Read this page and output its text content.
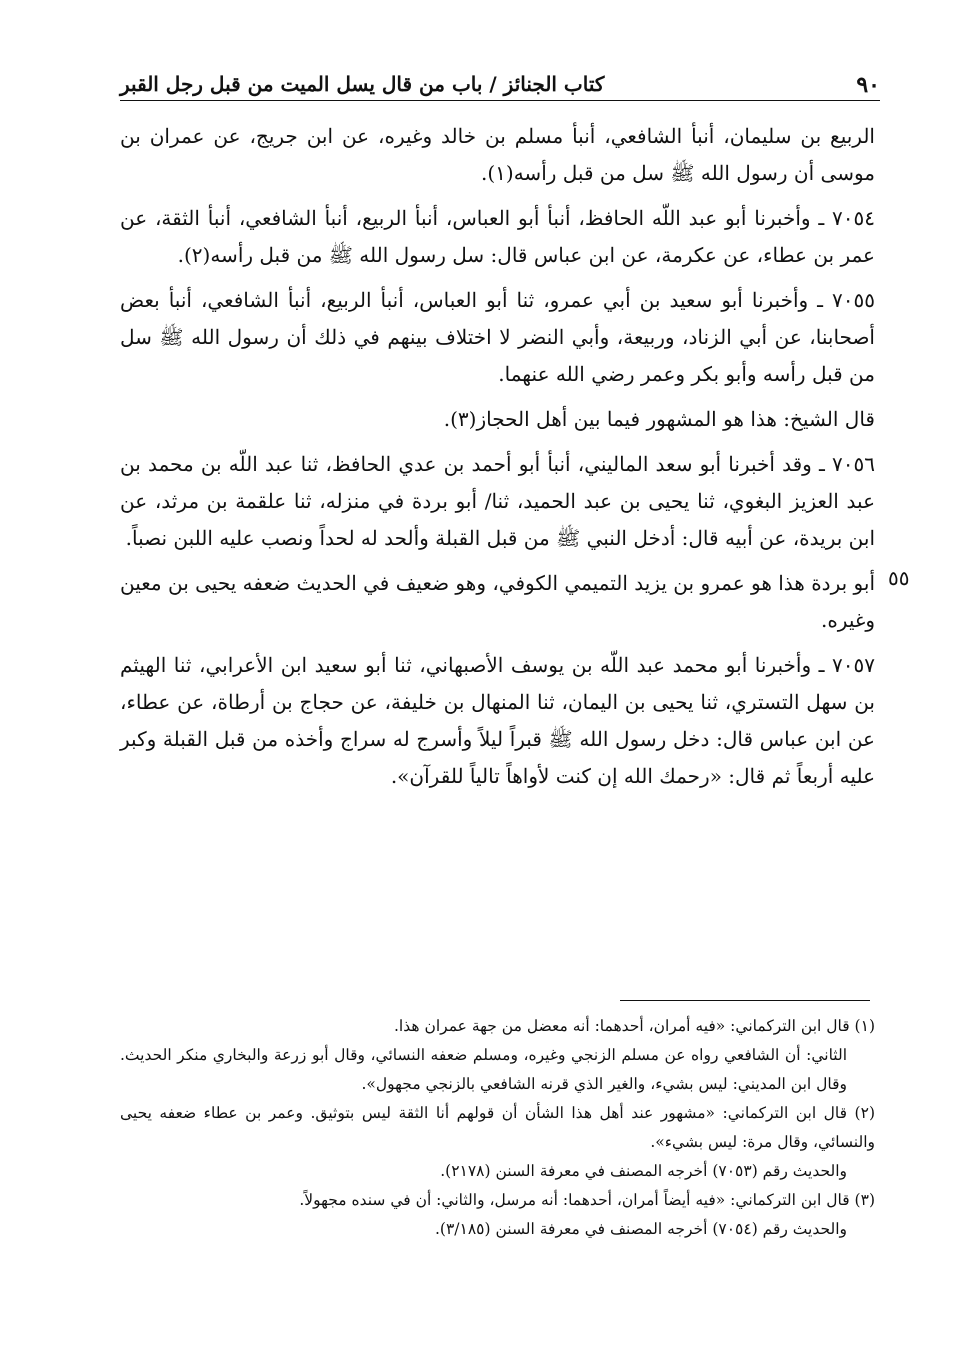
٩٠
كتاب الجنائز / باب من قال يسل الميت من قبل رجل القبر
٥٥

الربيع بن سليمان، أنبأ الشافعي، أنبأ مسلم بن خالد وغيره، عن ابن جريج، عن عمران بن موسى أن رسول الله ﷺ سل من قبل رأسه(١).

٧٠٥٤ ـ وأخبرنا أبو عبد اللّه الحافظ، أنبأ أبو العباس، أنبأ الربيع، أنبأ الشافعي، أنبأ الثقة، عن عمر بن عطاء، عن عكرمة، عن ابن عباس قال: سل رسول الله ﷺ من قبل رأسه(٢).

٧٠٥٥ ـ وأخبرنا أبو سعيد بن أبي عمرو، ثنا أبو العباس، أنبأ الربيع، أنبأ الشافعي، أنبأ بعض أصحابنا، عن أبي الزناد، وربيعة، وأبي النضر لا اختلاف بينهم في ذلك أن رسول الله ﷺ سل من قبل رأسه وأبو بكر وعمر رضي الله عنهما.

قال الشيخ: هذا هو المشهور فيما بين أهل الحجاز(٣).

٧٠٥٦ ـ وقد أخبرنا أبو سعد الماليني، أنبأ أبو أحمد بن عدي الحافظ، ثنا عبد اللّه بن محمد بن عبد العزيز البغوي، ثنا يحيى بن عبد الحميد، ثنا/ أبو بردة في منزله، ثنا علقمة بن مرثد، عن ابن بريدة، عن أبيه قال: أدخل النبي ﷺ من قبل القبلة وألحد له لحداً ونصب عليه اللبن نصباً.

أبو بردة هذا هو عمرو بن يزيد التميمي الكوفي، وهو ضعيف في الحديث ضعفه يحيى بن معين وغيره.

٧٠٥٧ ـ وأخبرنا أبو محمد عبد اللّه بن يوسف الأصبهاني، ثنا أبو سعيد ابن الأعرابي، ثنا الهيثم بن سهل التستري، ثنا يحيى بن اليمان، ثنا المنهال بن خليفة، عن حجاج بن أرطاة، عن عطاء، عن ابن عباس قال: دخل رسول الله ﷺ قبراً ليلاً وأسرج له سراج وأخذه من قبل القبلة وكبر عليه أربعاً ثم قال: «رحمك الله إن كنت لأواهاً تالياً للقرآن».

(١) قال ابن التركماني: «فيه أمران، أحدهما: أنه معضل من جهة عمران هذا.

الثاني: أن الشافعي رواه عن مسلم الزنجي وغيره، ومسلم ضعفه النسائي، وقال أبو زرعة والبخاري منكر الحديث. وقال ابن المديني: ليس بشيء، والغير الذي قرنه الشافعي بالزنجي مجهول».

(٢) قال ابن التركماني: «مشهور عند أهل هذا الشأن أن قولهم أنا الثقة ليس بتوثيق. وعمر بن عطاء ضعفه يحيى والنسائي، وقال مرة: ليس بشيء».

والحديث رقم (٧٠٥٣) أخرجه المصنف في معرفة السنن (٢١٧٨).

(٣) قال ابن التركماني: «فيه أيضاً أمران، أحدهما: أنه مرسل، والثاني: أن في سنده مجهولاً.

والحديث رقم (٧٠٥٤) أخرجه المصنف في معرفة السنن (٣/١٨٥).
